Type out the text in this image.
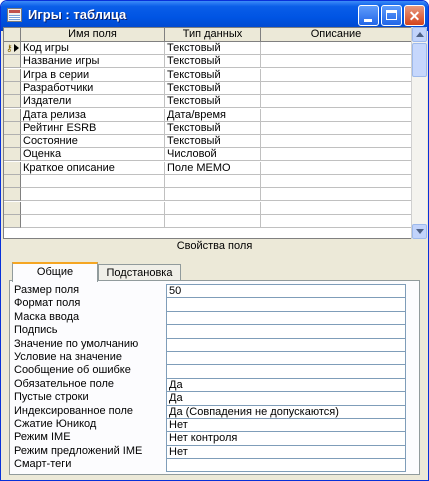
Игры : таблица	✕
Имя поля	Тип данных	Описание
⚷ Код игры	Текстовый
Название игры	Текстовый
Игра в серии	Текстовый
Разработчики	Текстовый
Издатели	Текстовый
Дата релиза	Дата/время
Рейтинг ESRB	Текстовый
Состояние	Текстовый
Оценка	Числовой
Краткое описание	Поле MEMO
Свойства поля
Общие	Подстановка
Размер поля	50
Формат поля
Маска ввода
Подпись
Значение по умолчанию
Условие на значение
Сообщение об ошибке
Обязательное поле	Да
Пустые строки	Да
Индексированное поле	Да (Совпадения не допускаются)
Сжатие Юникод	Нет
Режим IME	Нет контроля
Режим предложений IME	Нет
Смарт-теги
